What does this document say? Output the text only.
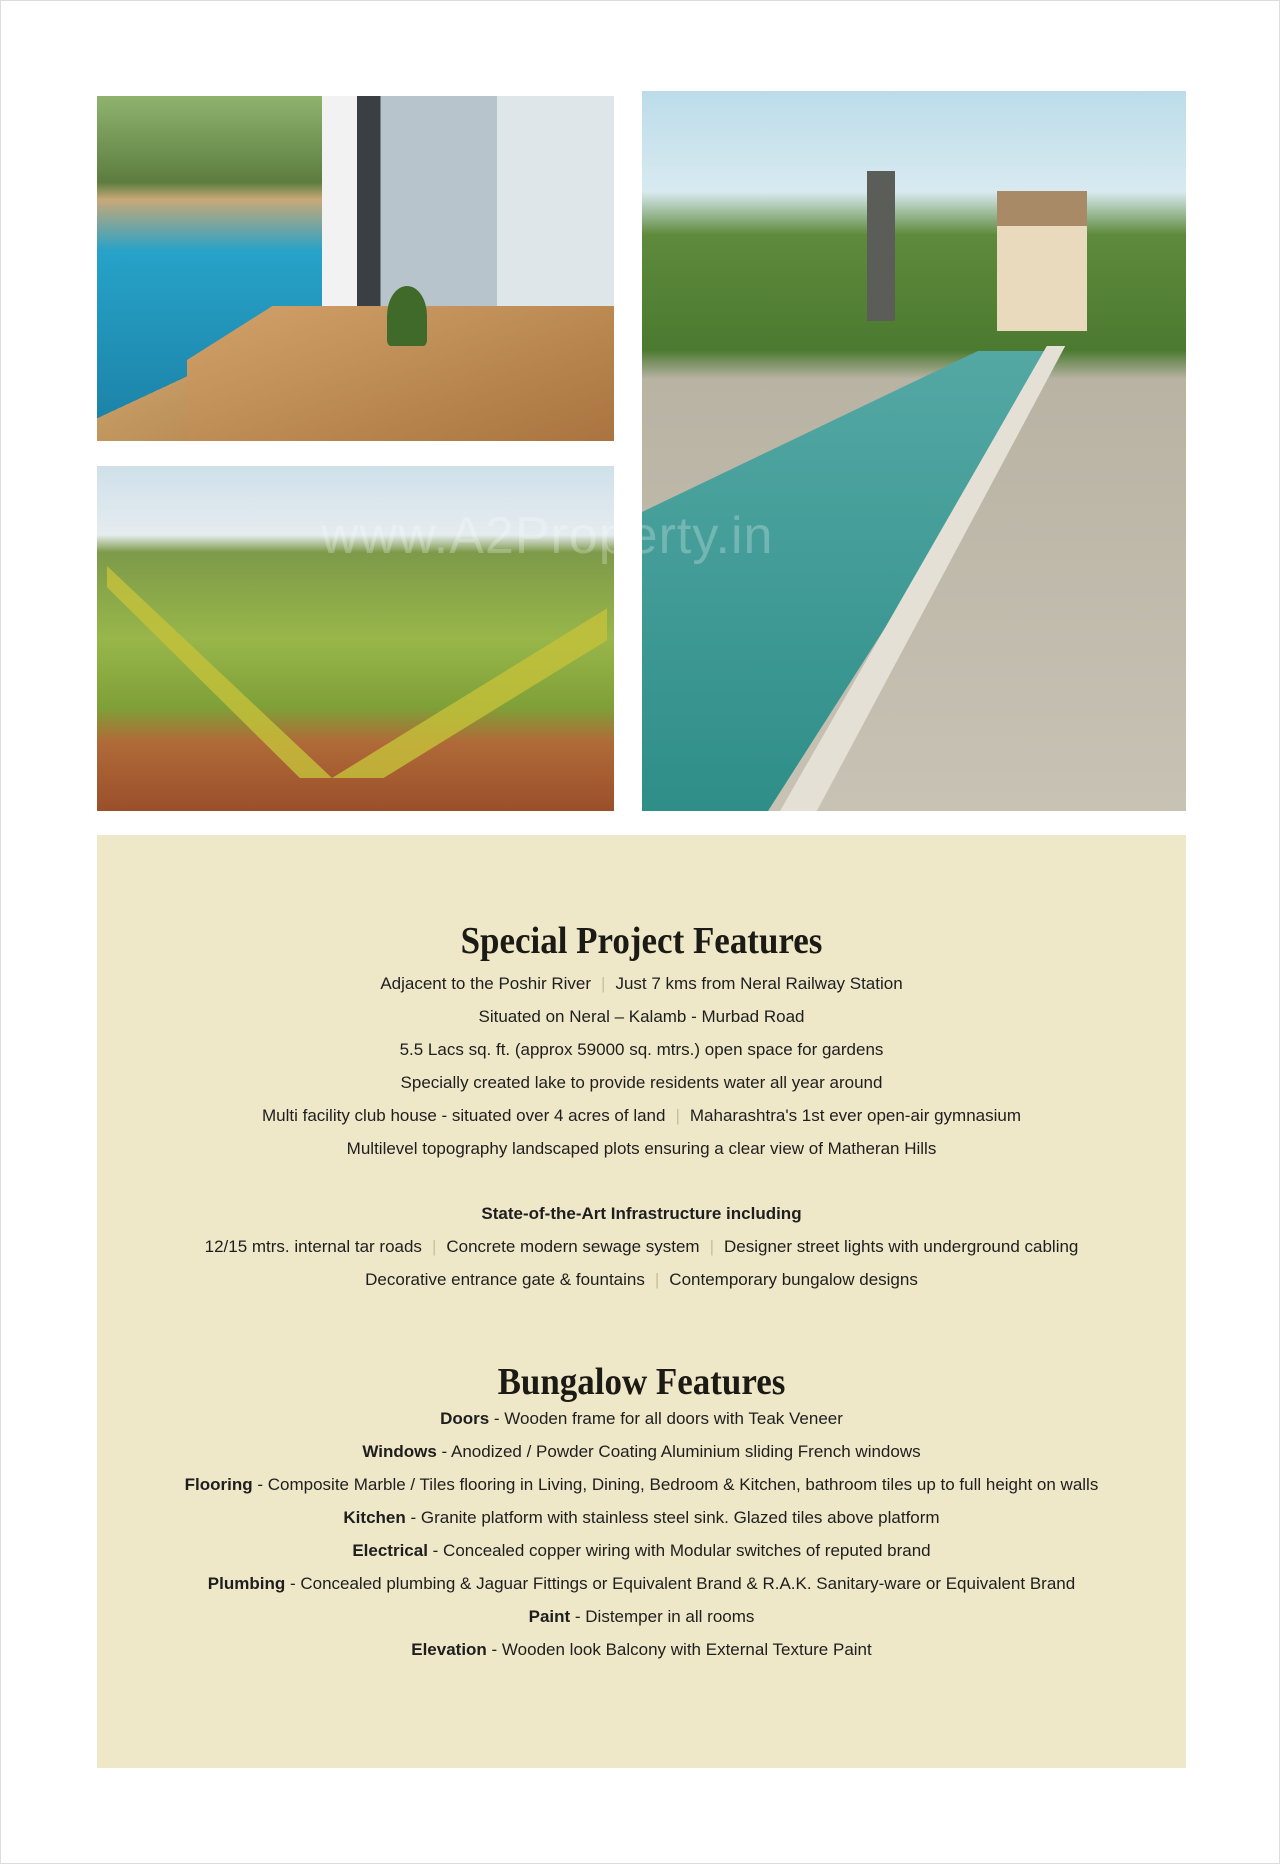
www.A2Property.in
Special Project Features
Adjacent to the Poshir River | Just 7 kms from Neral Railway Station
Situated on Neral – Kalamb - Murbad Road
5.5 Lacs sq. ft. (approx 59000 sq. mtrs.) open space for gardens
Specially created lake to provide residents water all year around
Multi facility club house - situated over 4 acres of land | Maharashtra's 1st ever open-air gymnasium
Multilevel topography landscaped plots ensuring a clear view of Matheran Hills
State-of-the-Art Infrastructure including
12/15 mtrs. internal tar roads | Concrete modern sewage system | Designer street lights with underground cabling
Decorative entrance gate & fountains | Contemporary bungalow designs
Bungalow Features
Doors - Wooden frame for all doors with Teak Veneer
Windows - Anodized / Powder Coating Aluminium sliding French windows
Flooring - Composite Marble / Tiles flooring in Living, Dining, Bedroom & Kitchen, bathroom tiles up to full height on walls
Kitchen - Granite platform with stainless steel sink. Glazed tiles above platform
Electrical - Concealed copper wiring with Modular switches of reputed brand
Plumbing - Concealed plumbing & Jaguar Fittings or Equivalent Brand & R.A.K. Sanitary-ware or Equivalent Brand
Paint - Distemper in all rooms
Elevation - Wooden look Balcony with External Texture Paint
